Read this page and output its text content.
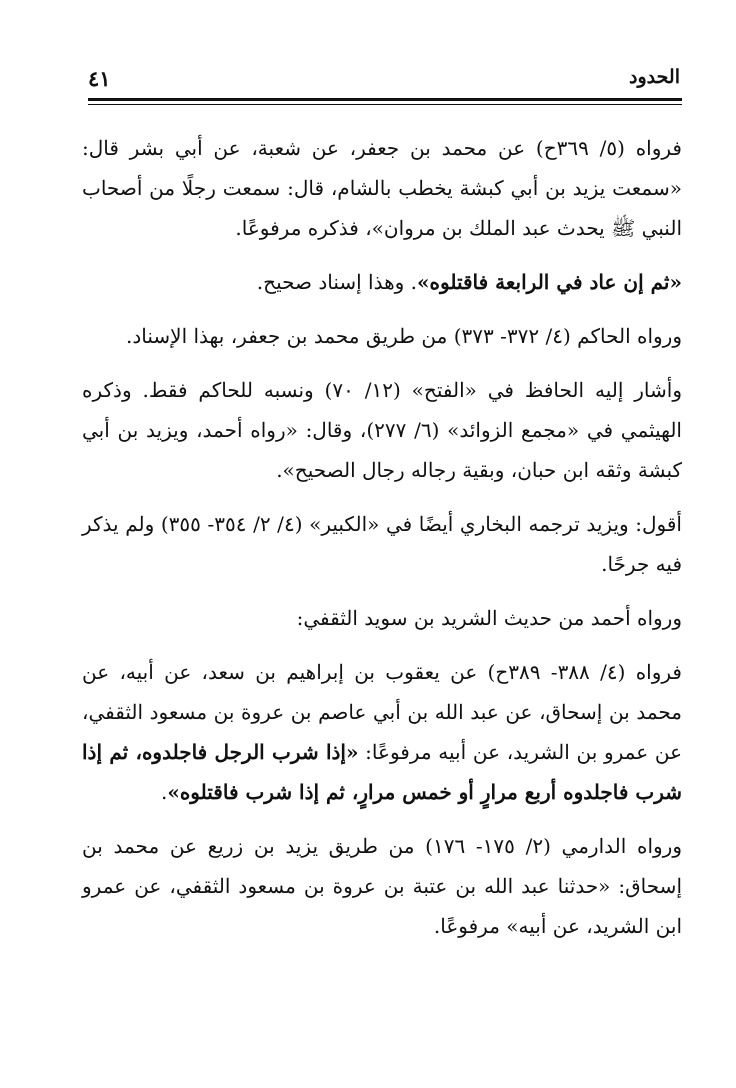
الحدود
٤١

فرواه (٥/ ٣٦٩ح) عن محمد بن جعفر، عن شعبة، عن أبي بشر قال: «سمعت يزيد بن أبي كبشة يخطب بالشام، قال: سمعت رجلًا من أصحاب النبي ﷺ يحدث عبد الملك بن مروان»، فذكره مرفوعًا.

«ثم إن عاد في الرابعة فاقتلوه». وهذا إسناد صحيح.

ورواه الحاكم (٤/ ٣٧٢- ٣٧٣) من طريق محمد بن جعفر، بهذا الإسناد.

وأشار إليه الحافظ في «الفتح» (١٢/ ٧٠) ونسبه للحاكم فقط. وذكره الهيثمي في «مجمع الزوائد» (٦/ ٢٧٧)، وقال: «رواه أحمد، ويزيد بن أبي كبشة وثقه ابن حبان، وبقية رجاله رجال الصحيح».

أقول: ويزيد ترجمه البخاري أيضًا في «الكبير» (٤/ ٢/ ٣٥٤- ٣٥٥) ولم يذكر فيه جرحًا.

ورواه أحمد من حديث الشريد بن سويد الثقفي:

فرواه (٤/ ٣٨٨- ٣٨٩ح) عن يعقوب بن إبراهيم بن سعد، عن أبيه، عن محمد بن إسحاق، عن عبد الله بن أبي عاصم بن عروة بن مسعود الثقفي، عن عمرو بن الشريد، عن أبيه مرفوعًا: «إذا شرب الرجل فاجلدوه، ثم إذا شرب فاجلدوه أربع مرارٍ أو خمس مرارٍ، ثم إذا شرب فاقتلوه».

ورواه الدارمي (٢/ ١٧٥- ١٧٦) من طريق يزيد بن زريع عن محمد بن إسحاق: «حدثنا عبد الله بن عتبة بن عروة بن مسعود الثقفي، عن عمرو ابن الشريد، عن أبيه» مرفوعًا.
